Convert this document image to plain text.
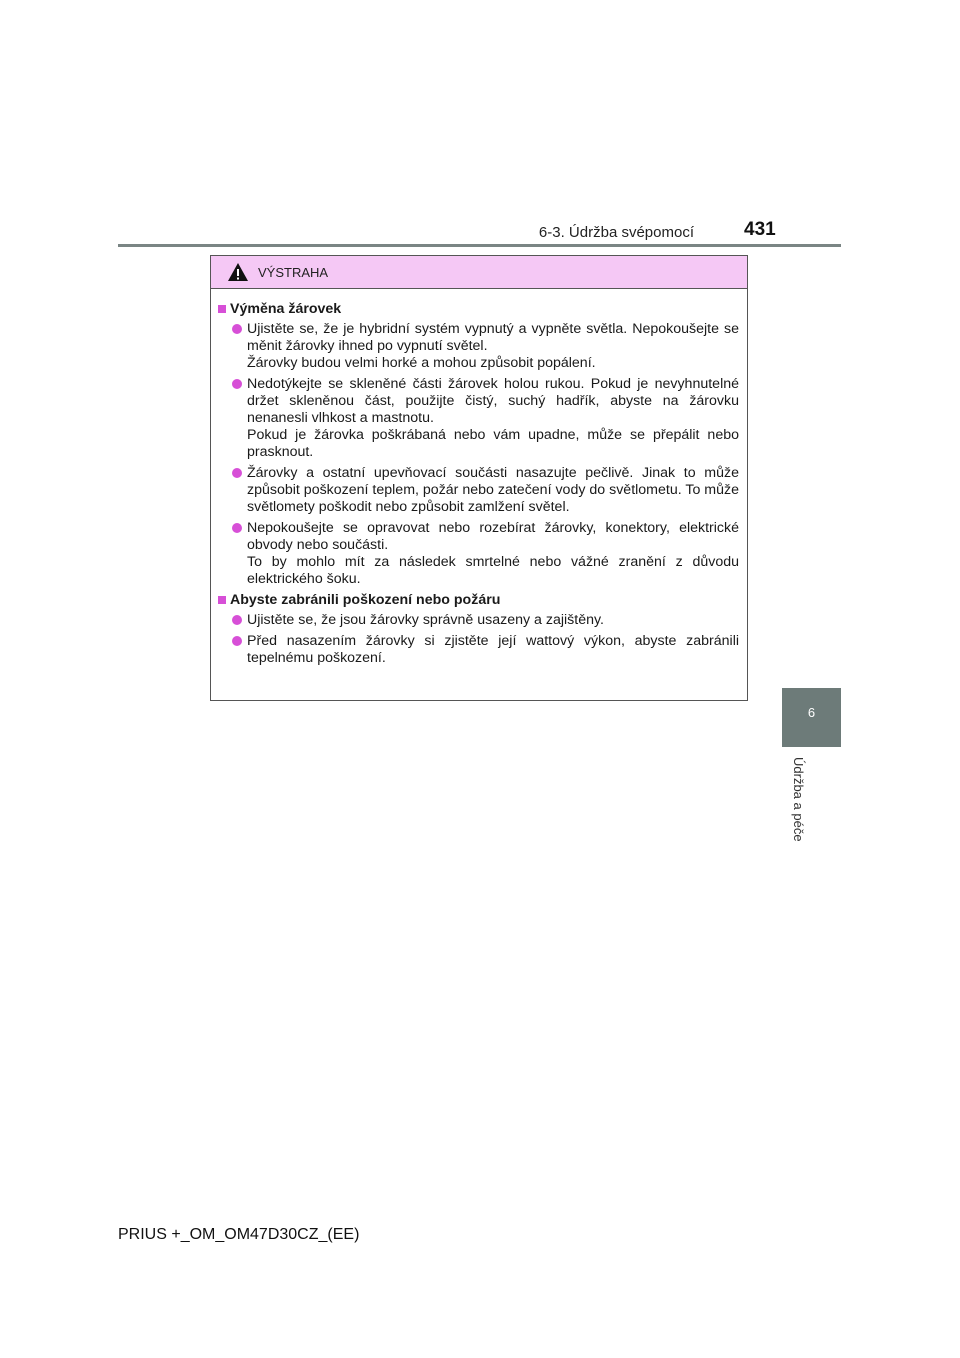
6-3. Údržba svépomocí	431
6
Údržba a péče
VÝSTRAHA
Výměna žárovek

Ujistěte se, že je hybridní systém vypnutý a vypněte světla. Nepokoušejte se měnit žárovky ihned po vypnutí světel.

Žárovky budou velmi horké a mohou způsobit popálení.

Nedotýkejte se skleněné části žárovek holou rukou. Pokud je nevyhnutelné držet skleněnou část, použijte čistý, suchý hadřík, abyste na žárovku nenanesli vlhkost a mastnotu.

Pokud je žárovka poškrábaná nebo vám upadne, může se přepálit nebo prasknout.

Žárovky a ostatní upevňovací součásti nasazujte pečlivě. Jinak to může způsobit poškození teplem, požár nebo zatečení vody do světlometu. To může světlomety poškodit nebo způsobit zamlžení světel.

Nepokoušejte se opravovat nebo rozebírat žárovky, konektory, elektrické obvody nebo součásti.

To by mohlo mít za následek smrtelné nebo vážné zranění z důvodu elektrického šoku.

Abyste zabránili poškození nebo požáru

Ujistěte se, že jsou žárovky správně usazeny a zajištěny.

Před nasazením žárovky si zjistěte její wattový výkon, abyste zabránili tepelnému poškození.

PRIUS +_OM_OM47D30CZ_(EE)
